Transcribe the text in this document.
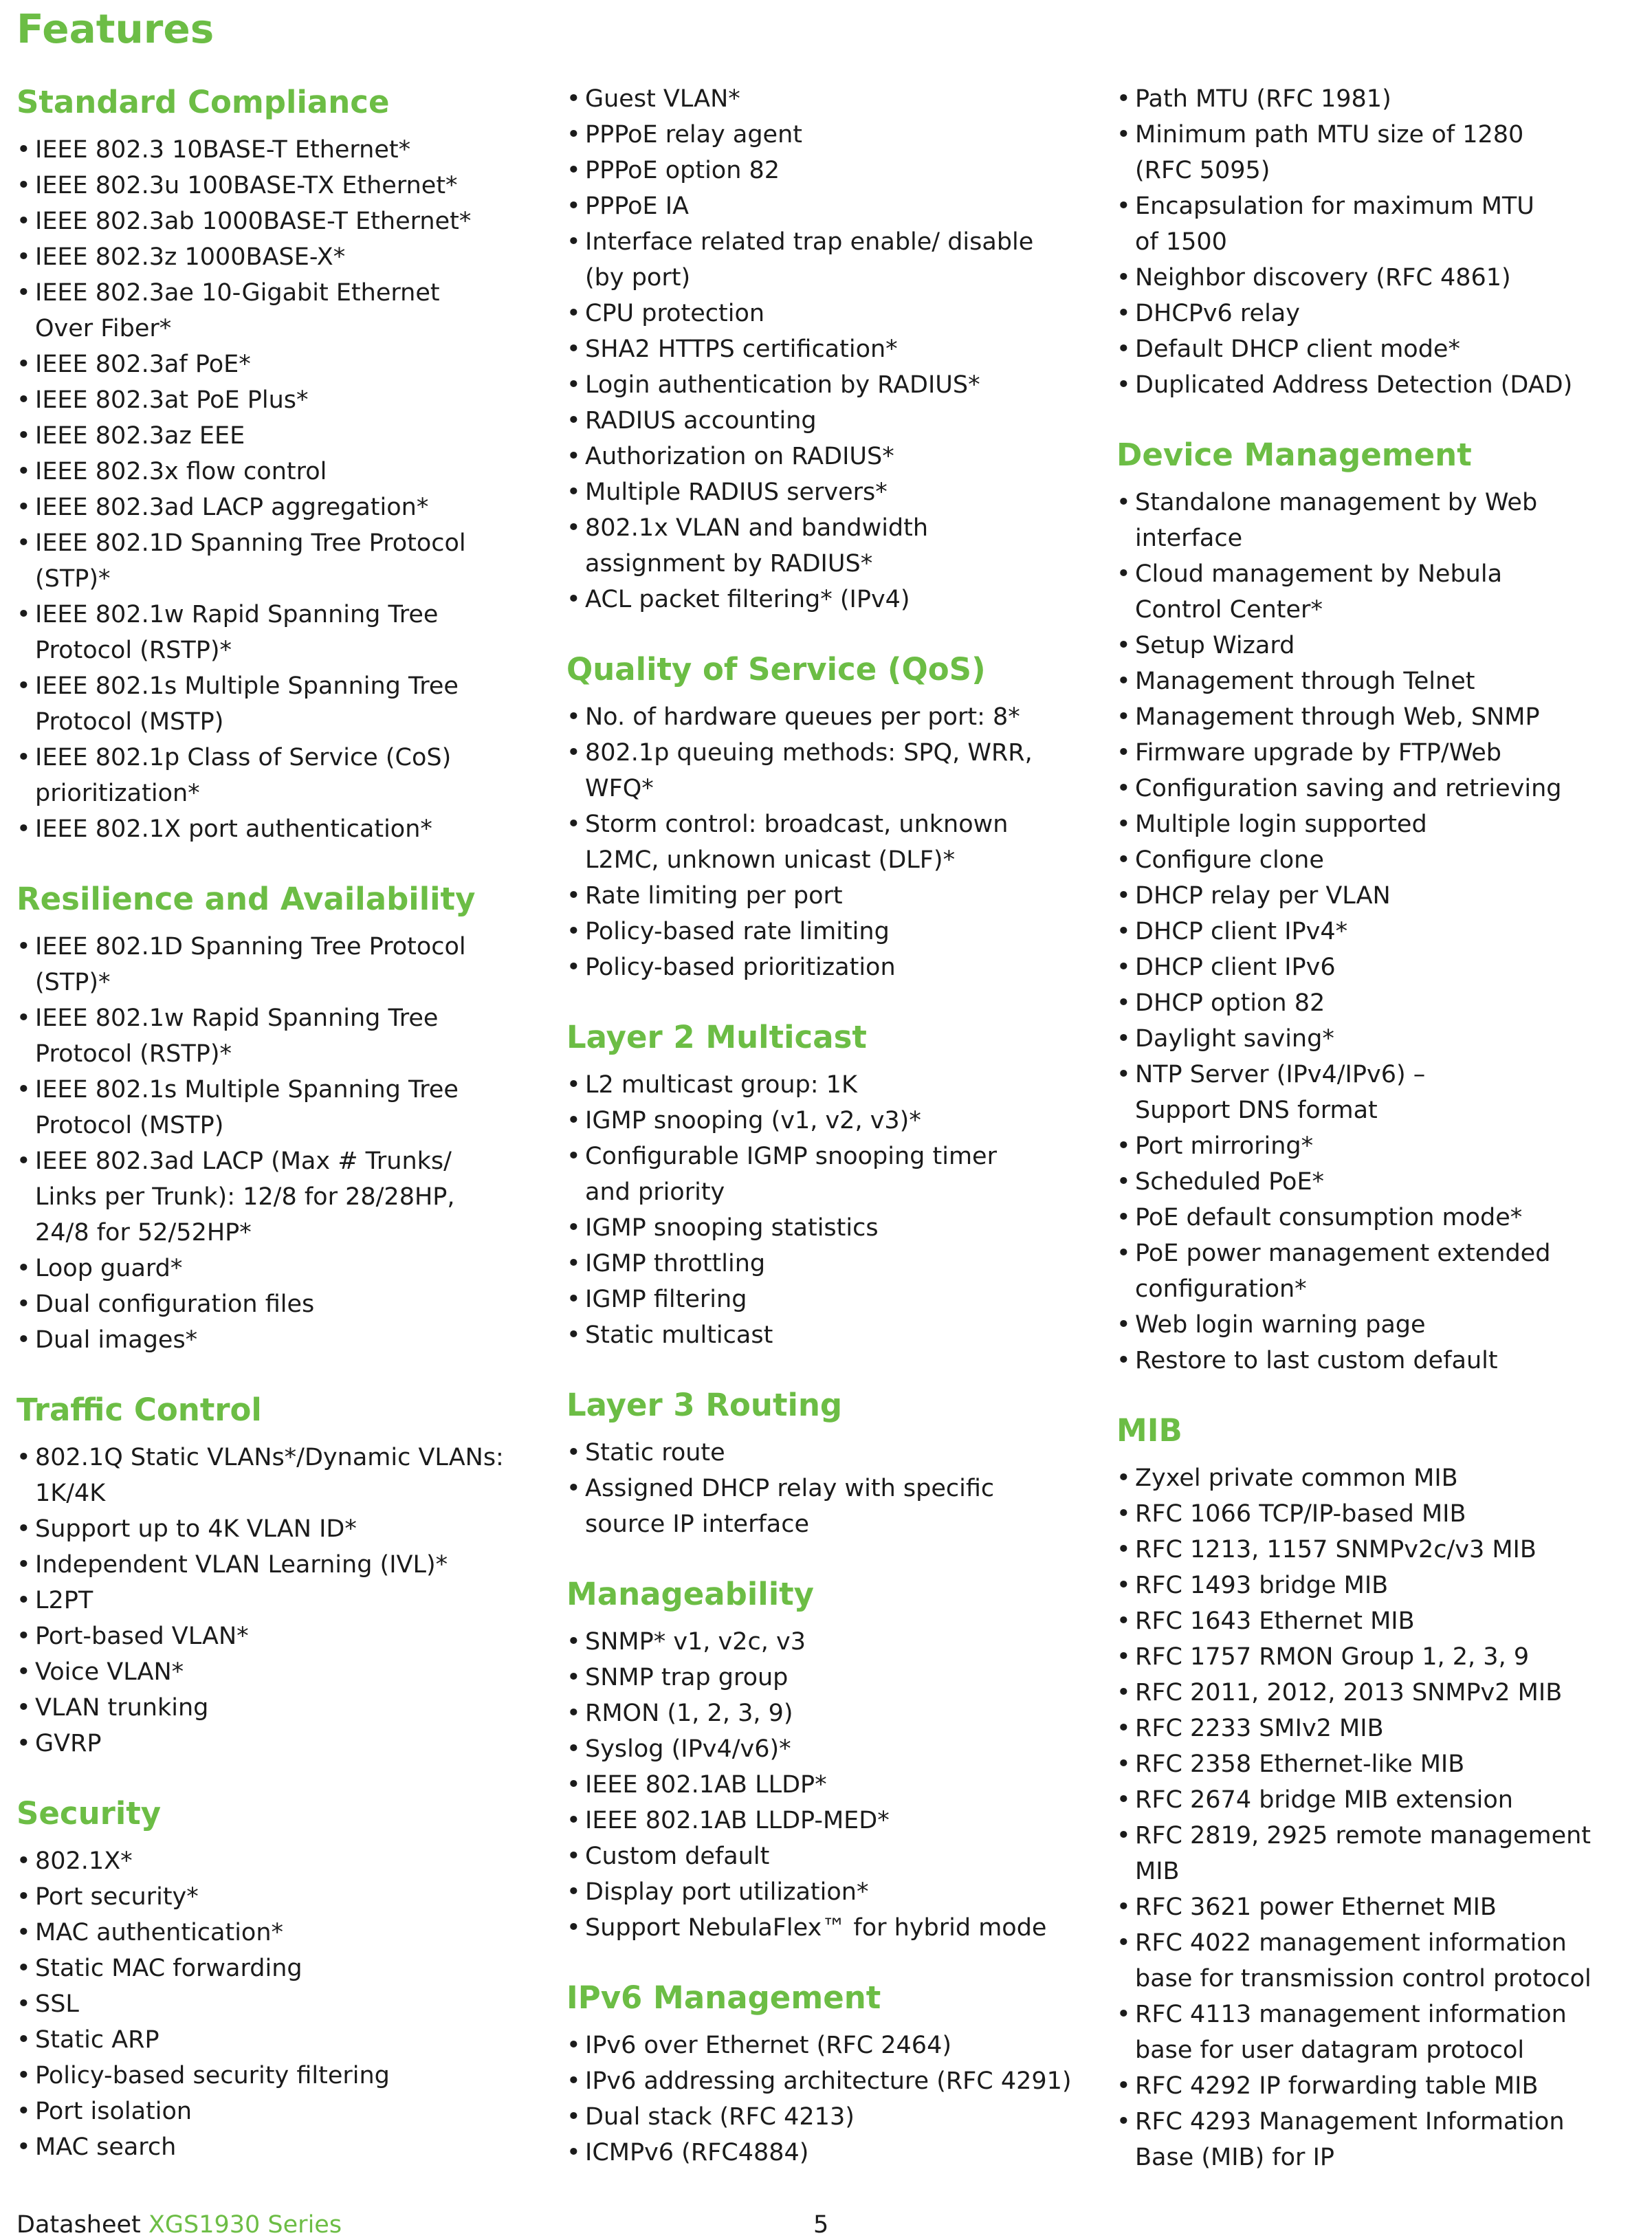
Features
Standard Compliance
• IEEE 802.3 10BASE-T Ethernet*
• IEEE 802.3u 100BASE-TX Ethernet*
• IEEE 802.3ab 1000BASE-T Ethernet*
• IEEE 802.3z 1000BASE-X*
• IEEE 802.3ae 10-Gigabit Ethernet
Over Fiber*
• IEEE 802.3af PoE*
• IEEE 802.3at PoE Plus*
• IEEE 802.3az EEE
• IEEE 802.3x flow control
• IEEE 802.3ad LACP aggregation*
• IEEE 802.1D Spanning Tree Protocol
(STP)*
• IEEE 802.1w Rapid Spanning Tree
Protocol (RSTP)*
• IEEE 802.1s Multiple Spanning Tree
Protocol (MSTP)
• IEEE 802.1p Class of Service (CoS)
prioritization*
• IEEE 802.1X port authentication*
Resilience and Availability
• IEEE 802.1D Spanning Tree Protocol
(STP)*
• IEEE 802.1w Rapid Spanning Tree
Protocol (RSTP)*
• IEEE 802.1s Multiple Spanning Tree
Protocol (MSTP)
• IEEE 802.3ad LACP (Max # Trunks/
Links per Trunk): 12/8 for 28/28HP,
24/8 for 52/52HP*
• Loop guard*
• Dual configuration files
• Dual images*
Traffic Control
• 802.1Q Static VLANs*/Dynamic VLANs:
1K/4K
• Support up to 4K VLAN ID*
• Independent VLAN Learning (IVL)*
• L2PT
• Port-based VLAN*
• Voice VLAN*
• VLAN trunking
• GVRP
Security
• 802.1X*
• Port security*
• MAC authentication*
• Static MAC forwarding
• SSL
• Static ARP
• Policy-based security filtering
• Port isolation
• MAC search
• Guest VLAN*
• PPPoE relay agent
• PPPoE option 82
• PPPoE IA
• Interface related trap enable/ disable
(by port)
• CPU protection
• SHA2 HTTPS certification*
• Login authentication by RADIUS*
• RADIUS accounting
• Authorization on RADIUS*
• Multiple RADIUS servers*
• 802.1x VLAN and bandwidth
assignment by RADIUS*
• ACL packet filtering* (IPv4)
Quality of Service (QoS)
• No. of hardware queues per port: 8*
• 802.1p queuing methods: SPQ, WRR,
WFQ*
• Storm control: broadcast, unknown
L2MC, unknown unicast (DLF)*
• Rate limiting per port
• Policy-based rate limiting
• Policy-based prioritization
Layer 2 Multicast
• L2 multicast group: 1K
• IGMP snooping (v1, v2, v3)*
• Configurable IGMP snooping timer
and priority
• IGMP snooping statistics
• IGMP throttling
• IGMP filtering
• Static multicast
Layer 3 Routing
• Static route
• Assigned DHCP relay with specific
source IP interface
Manageability
• SNMP* v1, v2c, v3
• SNMP trap group
• RMON (1, 2, 3, 9)
• Syslog (IPv4/v6)*
• IEEE 802.1AB LLDP*
• IEEE 802.1AB LLDP-MED*
• Custom default
• Display port utilization*
• Support NebulaFlex™ for hybrid mode
IPv6 Management
• IPv6 over Ethernet (RFC 2464)
• IPv6 addressing architecture (RFC 4291)
• Dual stack (RFC 4213)
• ICMPv6 (RFC4884)
• Path MTU (RFC 1981)
• Minimum path MTU size of 1280
(RFC 5095)
• Encapsulation for maximum MTU
of 1500
• Neighbor discovery (RFC 4861)
• DHCPv6 relay
• Default DHCP client mode*
• Duplicated Address Detection (DAD)
Device Management
• Standalone management by Web
interface
• Cloud management by Nebula
Control Center*
• Setup Wizard
• Management through Telnet
• Management through Web, SNMP
• Firmware upgrade by FTP/Web
• Configuration saving and retrieving
• Multiple login supported
• Configure clone
• DHCP relay per VLAN
• DHCP client IPv4*
• DHCP client IPv6
• DHCP option 82
• Daylight saving*
• NTP Server (IPv4/IPv6) –
Support DNS format
• Port mirroring*
• Scheduled PoE*
• PoE default consumption mode*
• PoE power management extended
configuration*
• Web login warning page
• Restore to last custom default
MIB
• Zyxel private common MIB
• RFC 1066 TCP/IP-based MIB
• RFC 1213, 1157 SNMPv2c/v3 MIB
• RFC 1493 bridge MIB
• RFC 1643 Ethernet MIB
• RFC 1757 RMON Group 1, 2, 3, 9
• RFC 2011, 2012, 2013 SNMPv2 MIB
• RFC 2233 SMIv2 MIB
• RFC 2358 Ethernet-like MIB
• RFC 2674 bridge MIB extension
• RFC 2819, 2925 remote management
MIB
• RFC 3621 power Ethernet MIB
• RFC 4022 management information
base for transmission control protocol
• RFC 4113 management information
base for user datagram protocol
• RFC 4292 IP forwarding table MIB
• RFC 4293 Management Information
Base (MIB) for IP
Datasheet XGS1930 Series	5
